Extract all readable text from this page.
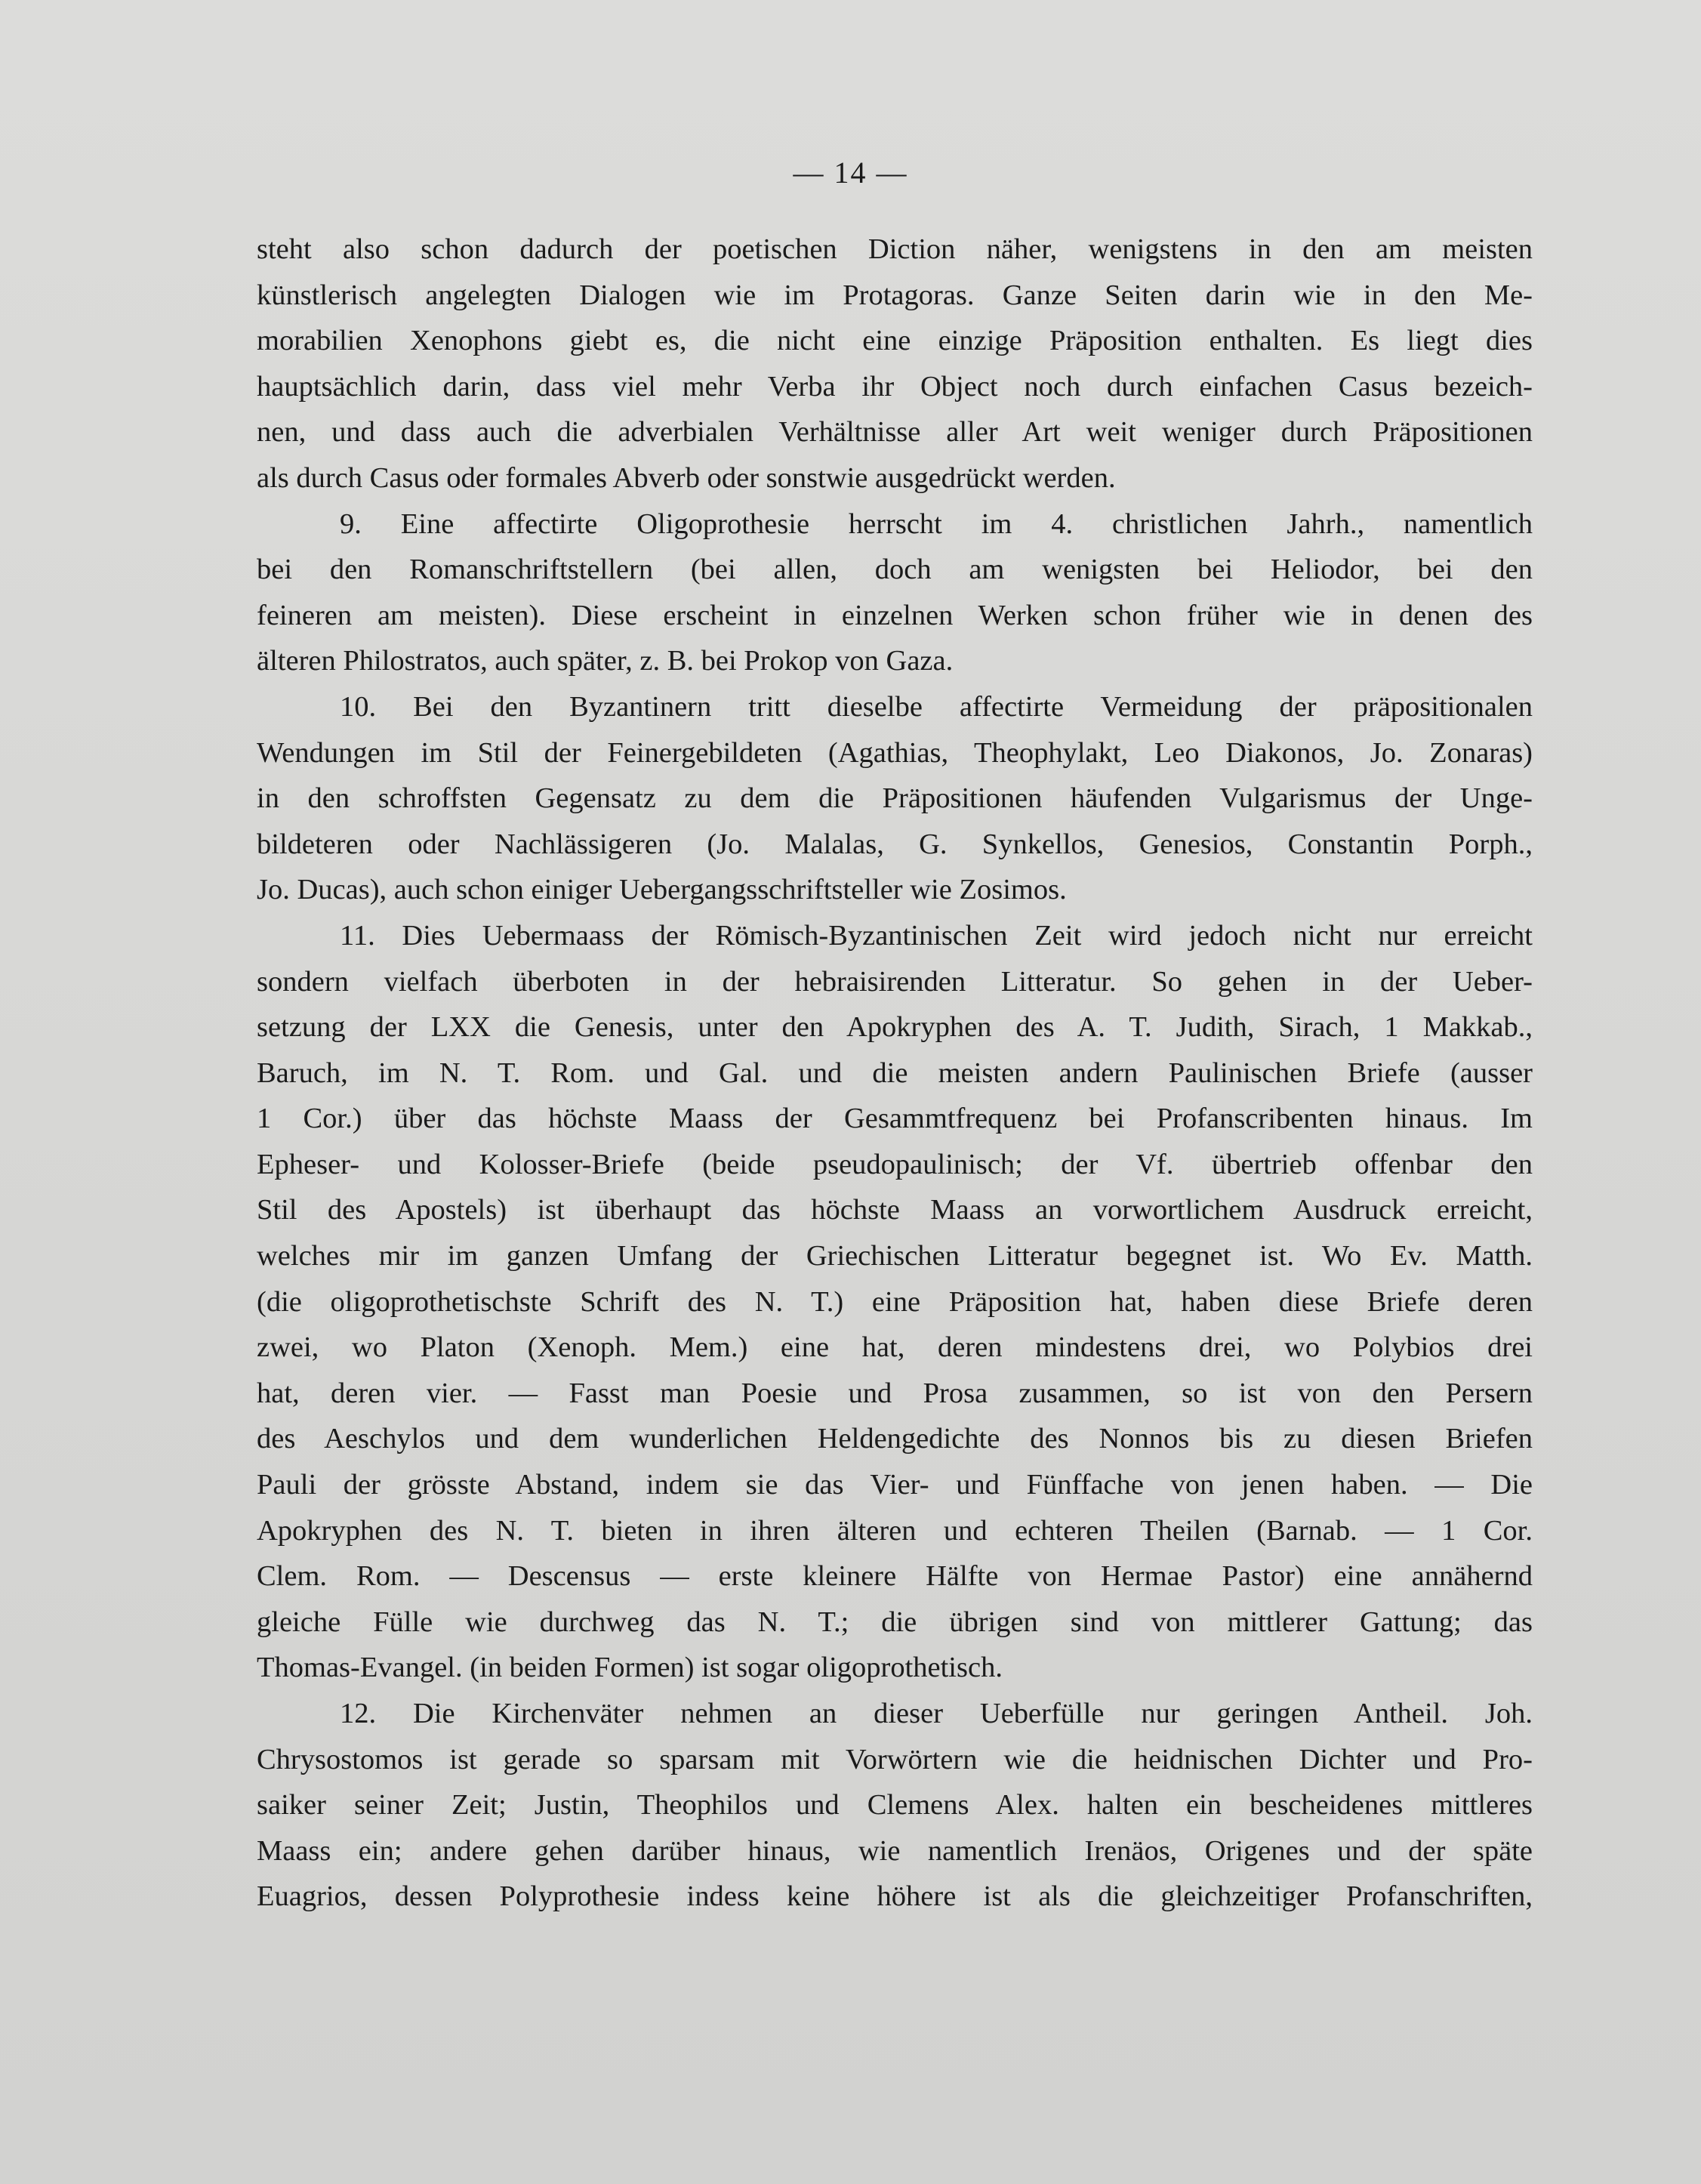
— 14 —
steht also schon dadurch der poetischen Diction näher, wenigstens in den am meisten
künstlerisch angelegten Dialogen wie im Protagoras. Ganze Seiten darin wie in den Me-
morabilien Xenophons giebt es, die nicht eine einzige Präposition enthalten. Es liegt dies
hauptsächlich darin, dass viel mehr Verba ihr Object noch durch einfachen Casus bezeich-
nen, und dass auch die adverbialen Verhältnisse aller Art weit weniger durch Präpositionen
als durch Casus oder formales Abverb oder sonstwie ausgedrückt werden.
9. Eine affectirte Oligoprothesie herrscht im 4. christlichen Jahrh., namentlich
bei den Romanschriftstellern (bei allen, doch am wenigsten bei Heliodor, bei den
feineren am meisten). Diese erscheint in einzelnen Werken schon früher wie in denen des
älteren Philostratos, auch später, z. B. bei Prokop von Gaza.
10. Bei den Byzantinern tritt dieselbe affectirte Vermeidung der präpositionalen
Wendungen im Stil der Feinergebildeten (Agathias, Theophylakt, Leo Diakonos, Jo. Zonaras)
in den schroffsten Gegensatz zu dem die Präpositionen häufenden Vulgarismus der Unge-
bildeteren oder Nachlässigeren (Jo. Malalas, G. Synkellos, Genesios, Constantin Porph.,
Jo. Ducas), auch schon einiger Uebergangsschriftsteller wie Zosimos.
11. Dies Uebermaass der Römisch-Byzantinischen Zeit wird jedoch nicht nur erreicht
sondern vielfach überboten in der hebraisirenden Litteratur. So gehen in der Ueber-
setzung der LXX die Genesis, unter den Apokryphen des A. T. Judith, Sirach, 1 Makkab.,
Baruch, im N. T. Rom. und Gal. und die meisten andern Paulinischen Briefe (ausser
1 Cor.) über das höchste Maass der Gesammtfrequenz bei Profanscribenten hinaus. Im
Epheser- und Kolosser-Briefe (beide pseudopaulinisch; der Vf. übertrieb offenbar den
Stil des Apostels) ist überhaupt das höchste Maass an vorwortlichem Ausdruck erreicht,
welches mir im ganzen Umfang der Griechischen Litteratur begegnet ist. Wo Ev. Matth.
(die oligoprothetischste Schrift des N. T.) eine Präposition hat, haben diese Briefe deren
zwei, wo Platon (Xenoph. Mem.) eine hat, deren mindestens drei, wo Polybios drei
hat, deren vier. — Fasst man Poesie und Prosa zusammen, so ist von den Persern
des Aeschylos und dem wunderlichen Heldengedichte des Nonnos bis zu diesen Briefen
Pauli der grösste Abstand, indem sie das Vier- und Fünffache von jenen haben. — Die
Apokryphen des N. T. bieten in ihren älteren und echteren Theilen (Barnab. — 1 Cor.
Clem. Rom. — Descensus — erste kleinere Hälfte von Hermae Pastor) eine annähernd
gleiche Fülle wie durchweg das N. T.; die übrigen sind von mittlerer Gattung; das
Thomas-Evangel. (in beiden Formen) ist sogar oligoprothetisch.
12. Die Kirchenväter nehmen an dieser Ueberfülle nur geringen Antheil. Joh.
Chrysostomos ist gerade so sparsam mit Vorwörtern wie die heidnischen Dichter und Pro-
saiker seiner Zeit; Justin, Theophilos und Clemens Alex. halten ein bescheidenes mittleres
Maass ein; andere gehen darüber hinaus, wie namentlich Irenäos, Origenes und der späte
Euagrios, dessen Polyprothesie indess keine höhere ist als die gleichzeitiger Profanschriften,
